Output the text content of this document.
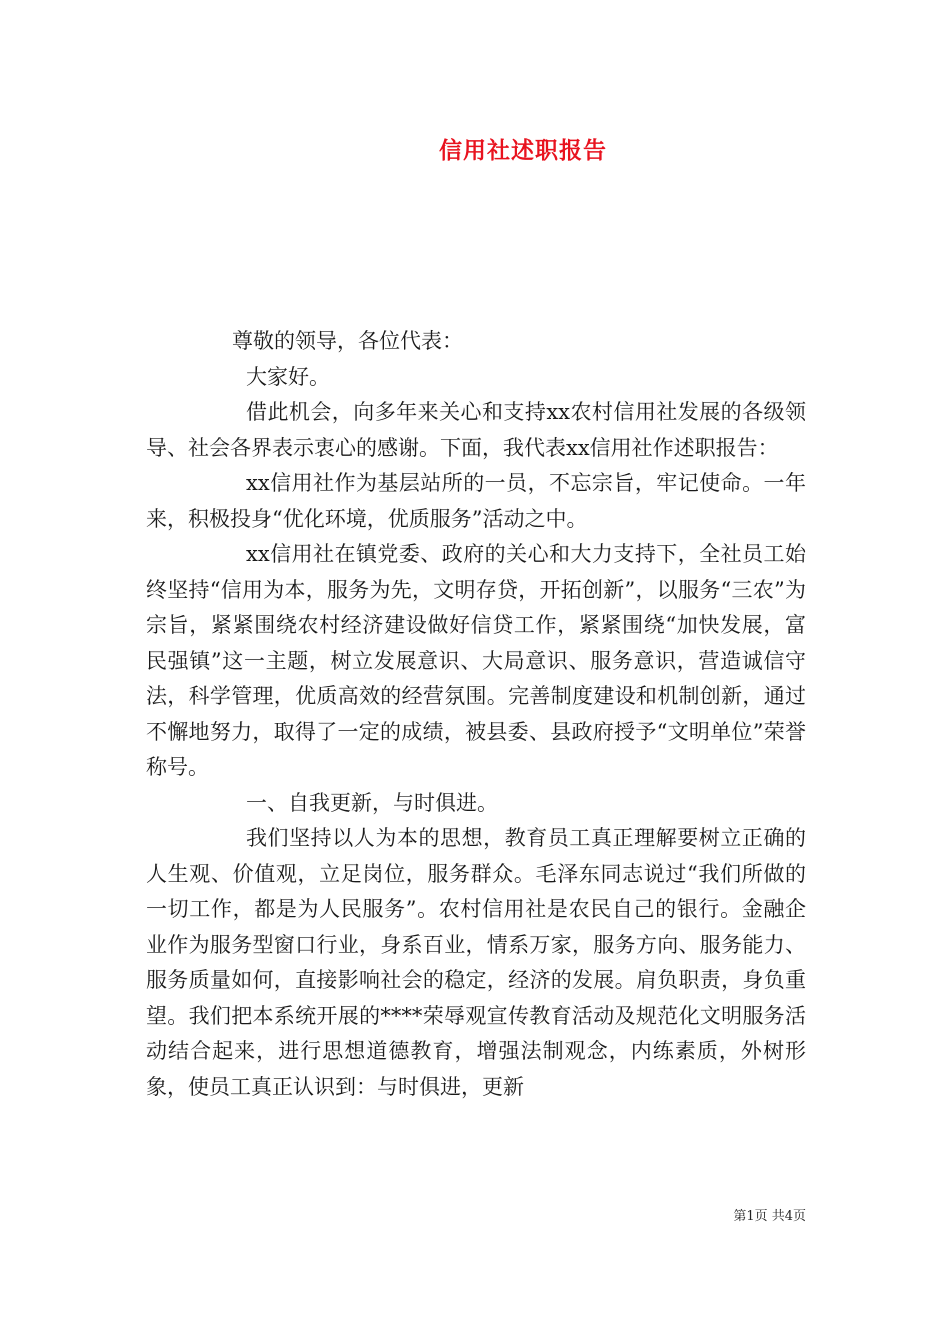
信用社述职报告

尊敬的领导，各位代表：

大家好。

借此机会，向多年来关心和支持xx农村信用社发展的各级领导、社会各界表示衷心的感谢。下面，我代表xx信用社作述职报告：

xx信用社作为基层站所的一员，不忘宗旨，牢记使命。一年来，积极投身“优化环境，优质服务”活动之中。

xx信用社在镇党委、政府的关心和大力支持下，全社员工始终坚持“信用为本，服务为先，文明存贷，开拓创新”，以服务“三农”为宗旨，紧紧围绕农村经济建设做好信贷工作，紧紧围绕“加快发展，富民强镇”这一主题，树立发展意识、大局意识、服务意识，营造诚信守法，科学管理，优质高效的经营氛围。完善制度建设和机制创新，通过不懈地努力，取得了一定的成绩，被县委、县政府授予“文明单位”荣誉称号。

一、自我更新，与时俱进。

我们坚持以人为本的思想，教育员工真正理解要树立正确的人生观、价值观，立足岗位，服务群众。毛泽东同志说过“我们所做的一切工作，都是为人民服务”。农村信用社是农民自己的银行。金融企业作为服务型窗口行业，身系百业，情系万家，服务方向、服务能力、服务质量如何，直接影响社会的稳定，经济的发展。肩负职责，身负重望。我们把本系统开展的****荣辱观宣传教育活动及规范化文明服务活动结合起来，进行思想道德教育，增强法制观念，内练素质，外树形象，使员工真正认识到：与时俱进，更新

第1页 共4页
